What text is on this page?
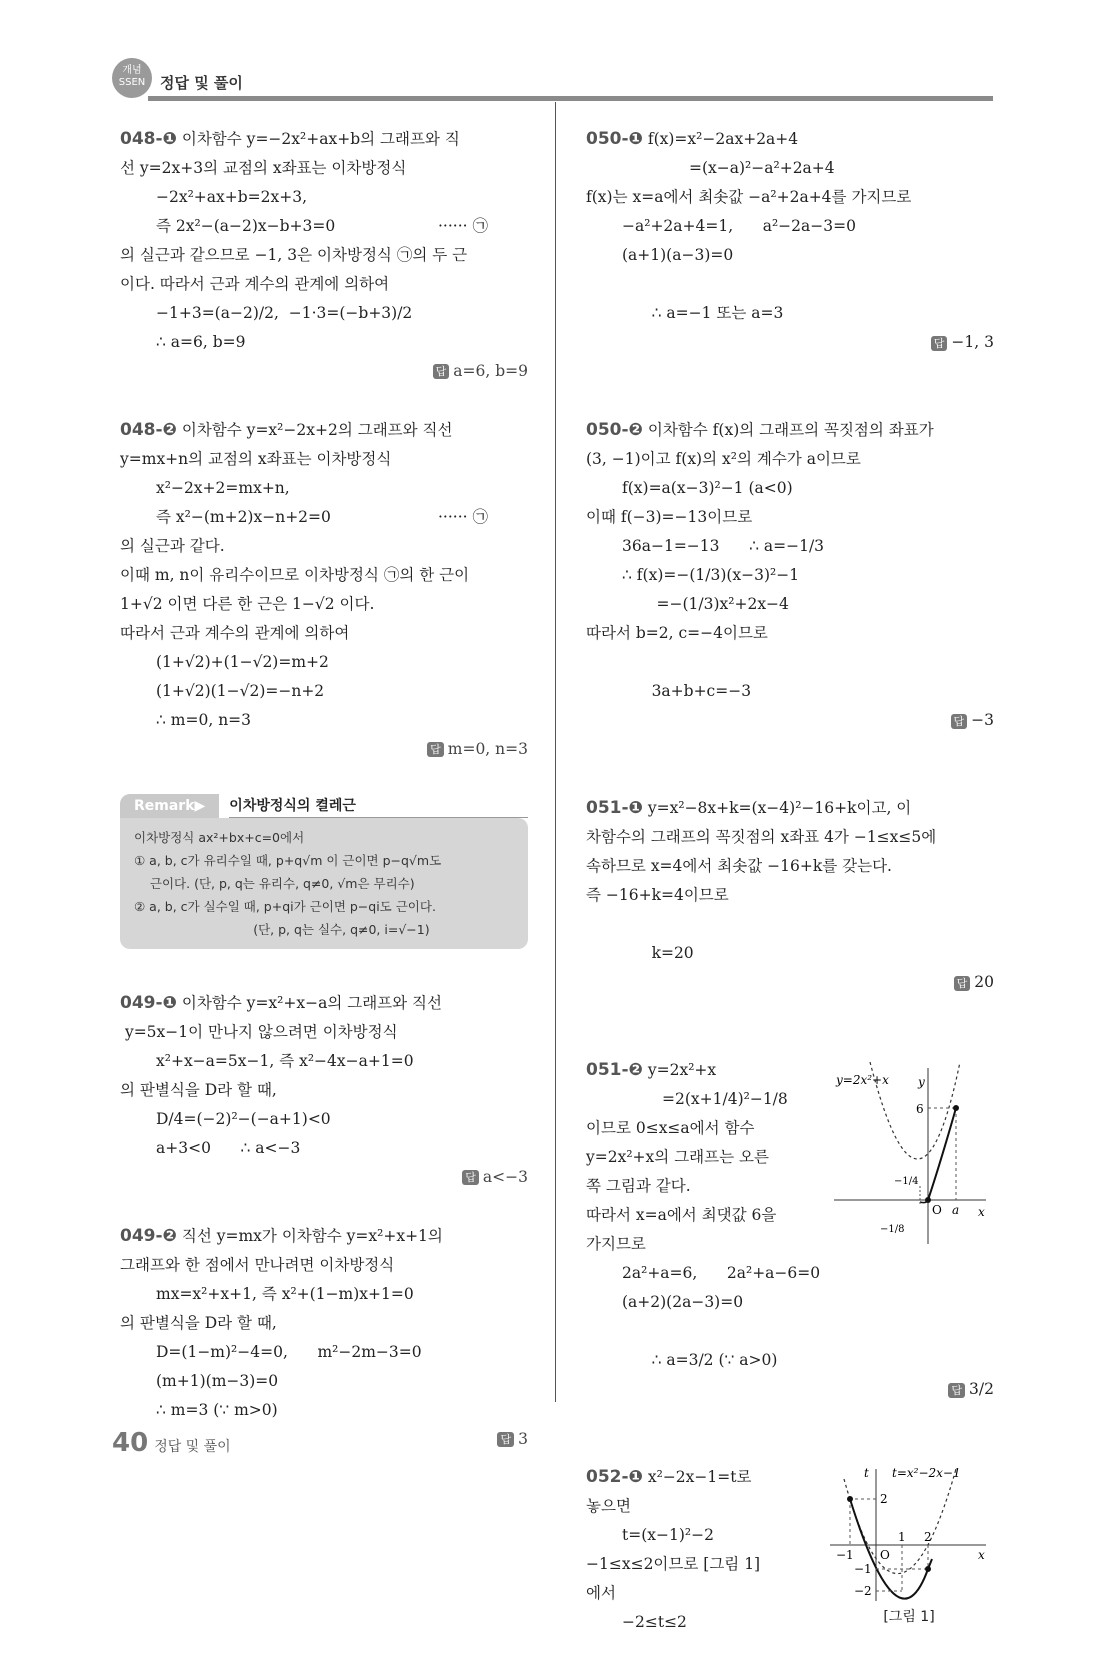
개념
SSEN 정답 및 풀이
048-❶ 이차함수 y=−2x²+ax+b의 그래프와 직
선 y=2x+3의 교점의 x좌표는 이차방정식
−2x²+ax+b=2x+3,
즉 2x²−(a−2)x−b+3=0	······ ㉠
의 실근과 같으므로 −1, 3은 이차방정식 ㉠의 두 근
이다. 따라서 근과 계수의 관계에 의하여
−1+3=(a−2)/2,  −1·3=(−b+3)/2
∴ a=6, b=9
답 a=6, b=9
048-❷ 이차함수 y=x²−2x+2의 그래프와 직선
y=mx+n의 교점의 x좌표는 이차방정식
x²−2x+2=mx+n,
즉 x²−(m+2)x−n+2=0	······ ㉠
의 실근과 같다.
이때 m, n이 유리수이므로 이차방정식 ㉠의 한 근이
1+√2 이면 다른 한 근은 1−√2 이다.
따라서 근과 계수의 관계에 의하여
(1+√2)+(1−√2)=m+2
(1+√2)(1−√2)=−n+2
∴ m=0, n=3
답 m=0, n=3
Remark▶	이차방정식의 켤레근
이차방정식 ax²+bx+c=0에서
① a, b, c가 유리수일 때, p+q√m 이 근이면 p−q√m도
근이다. (단, p, q는 유리수, q≠0, √m은 무리수)
② a, b, c가 실수일 때, p+qi가 근이면 p−qi도 근이다.
(단, p, q는 실수, q≠0, i=√−1)
049-❶ 이차함수 y=x²+x−a의 그래프와 직선
y=5x−1이 만나지 않으려면 이차방정식
x²+x−a=5x−1, 즉 x²−4x−a+1=0
의 판별식을 D라 할 때,
D/4=(−2)²−(−a+1)<0
a+3<0      ∴ a<−3
답 a<−3
049-❷ 직선 y=mx가 이차함수 y=x²+x+1의
그래프와 한 점에서 만나려면 이차방정식
mx=x²+x+1, 즉 x²+(1−m)x+1=0
의 판별식을 D라 할 때,
D=(1−m)²−4=0,      m²−2m−3=0
(m+1)(m−3)=0
∴ m=3 (∵ m>0)
답 3
050-❶ f(x)=x²−2ax+2a+4
=(x−a)²−a²+2a+4
f(x)는 x=a에서 최솟값 −a²+2a+4를 가지므로
−a²+2a+4=1,      a²−2a−3=0
(a+1)(a−3)=0

∴ a=−1 또는 a=3

답 −1, 3

050-❷ 이차함수 f(x)의 그래프의 꼭짓점의 좌표가
(3, −1)이고 f(x)의 x²의 계수가 a이므로
f(x)=a(x−3)²−1 (a<0)
이때 f(−3)=−13이므로
36a−1=−13      ∴ a=−1/3
∴ f(x)=−(1/3)(x−3)²−1
=−(1/3)x²+2x−4
따라서 b=2, c=−4이므로

3a+b+c=−3

답 −3

051-❶ y=x²−8x+k=(x−4)²−16+k이고, 이
차함수의 그래프의 꼭짓점의 x좌표 4가 −1≤x≤5에
속하므로 x=4에서 최솟값 −16+k를 갖는다.
즉 −16+k=4이므로

k=20

답 20

y=2x²+x y
x
6
−1/4
−1/8
O a
051-❷ y=2x²+x
=2(x+1/4)²−1/8
이므로 0≤x≤a에서 함수
y=2x²+x의 그래프는 오른
쪽 그림과 같다.
따라서 x=a에서 최댓값 6을
가지므로
2a²+a=6,      2a²+a−6=0
(a+2)(2a−3)=0

∴ a=3/2 (∵ a>0)

답 3/2

t t=x²−2x−1
x
2
−1
−2
−1
1 2
O
[그림 1]
052-❶ x²−2x−1=t로
놓으면
t=(x−1)²−2
−1≤x≤2이므로 [그림 1]
에서
−2≤t≤2
40 정답 및 풀이
